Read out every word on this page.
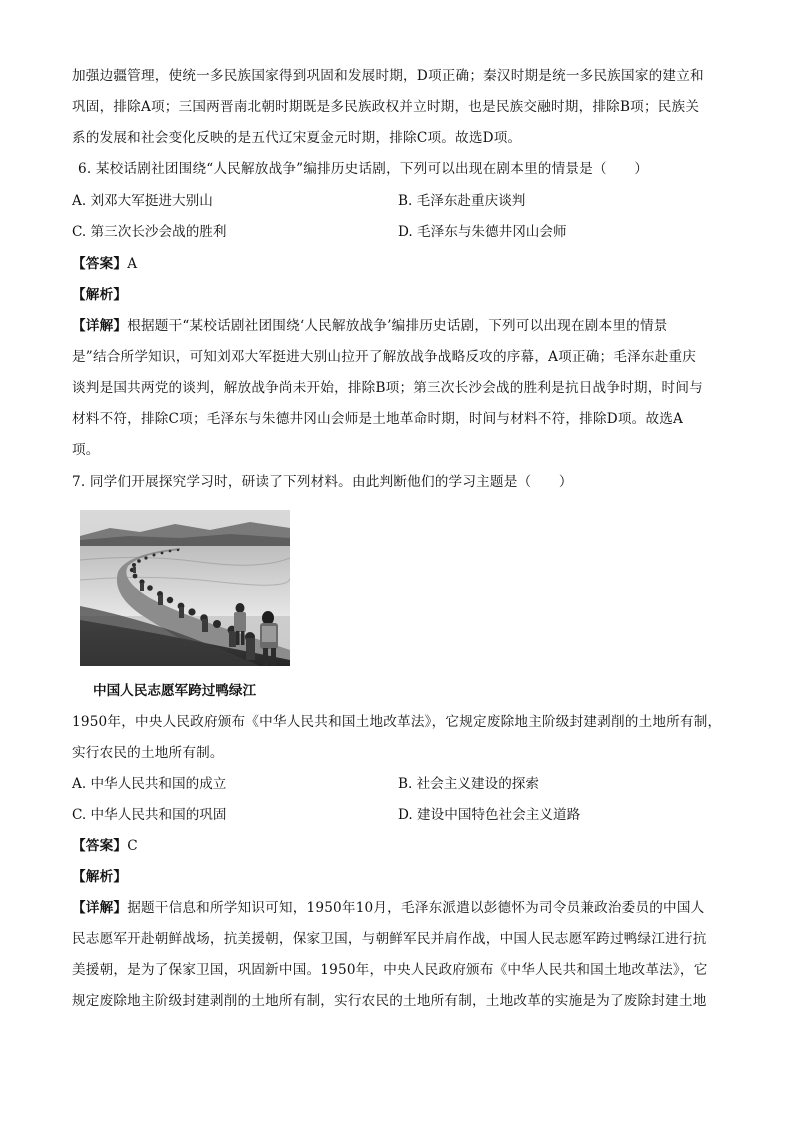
加强边疆管理，使统一多民族国家得到巩固和发展时期，D项正确；秦汉时期是统一多民族国家的建立和
巩固，排除A项；三国两晋南北朝时期既是多民族政权并立时期，也是民族交融时期，排除B项；民族关
系的发展和社会变化反映的是五代辽宋夏金元时期，排除C项。故选D项。
6. 某校话剧社团围绕“人民解放战争”编排历史话剧，下列可以出现在剧本里的情景是（　　）
A. 刘邓大军挺进大别山	B. 毛泽东赴重庆谈判
C. 第三次长沙会战的胜利	D. 毛泽东与朱德井冈山会师
【答案】A
【解析】
【详解】根据题干“某校话剧社团围绕‘人民解放战争’编排历史话剧，下列可以出现在剧本里的情景
是”结合所学知识，可知刘邓大军挺进大别山拉开了解放战争战略反攻的序幕，A项正确；毛泽东赴重庆
谈判是国共两党的谈判，解放战争尚未开始，排除B项；第三次长沙会战的胜利是抗日战争时期，时间与
材料不符，排除C项；毛泽东与朱德井冈山会师是土地革命时期，时间与材料不符，排除D项。故选A
项。
7. 同学们开展探究学习时，研读了下列材料。由此判断他们的学习主题是（　　）
中国人民志愿军跨过鸭绿江
1950年，中央人民政府颁布《中华人民共和国土地改革法》，它规定废除地主阶级封建剥削的土地所有制，
实行农民的土地所有制。
A. 中华人民共和国的成立	B. 社会主义建设的探索
C. 中华人民共和国的巩固	D. 建设中国特色社会主义道路
【答案】C
【解析】
【详解】据题干信息和所学知识可知，1950年10月，毛泽东派遣以彭德怀为司令员兼政治委员的中国人
民志愿军开赴朝鲜战场，抗美援朝，保家卫国，与朝鲜军民并肩作战，中国人民志愿军跨过鸭绿江进行抗
美援朝，是为了保家卫国，巩固新中国。1950年，中央人民政府颁布《中华人民共和国土地改革法》，它
规定废除地主阶级封建剥削的土地所有制，实行农民的土地所有制，土地改革的实施是为了废除封建土地
